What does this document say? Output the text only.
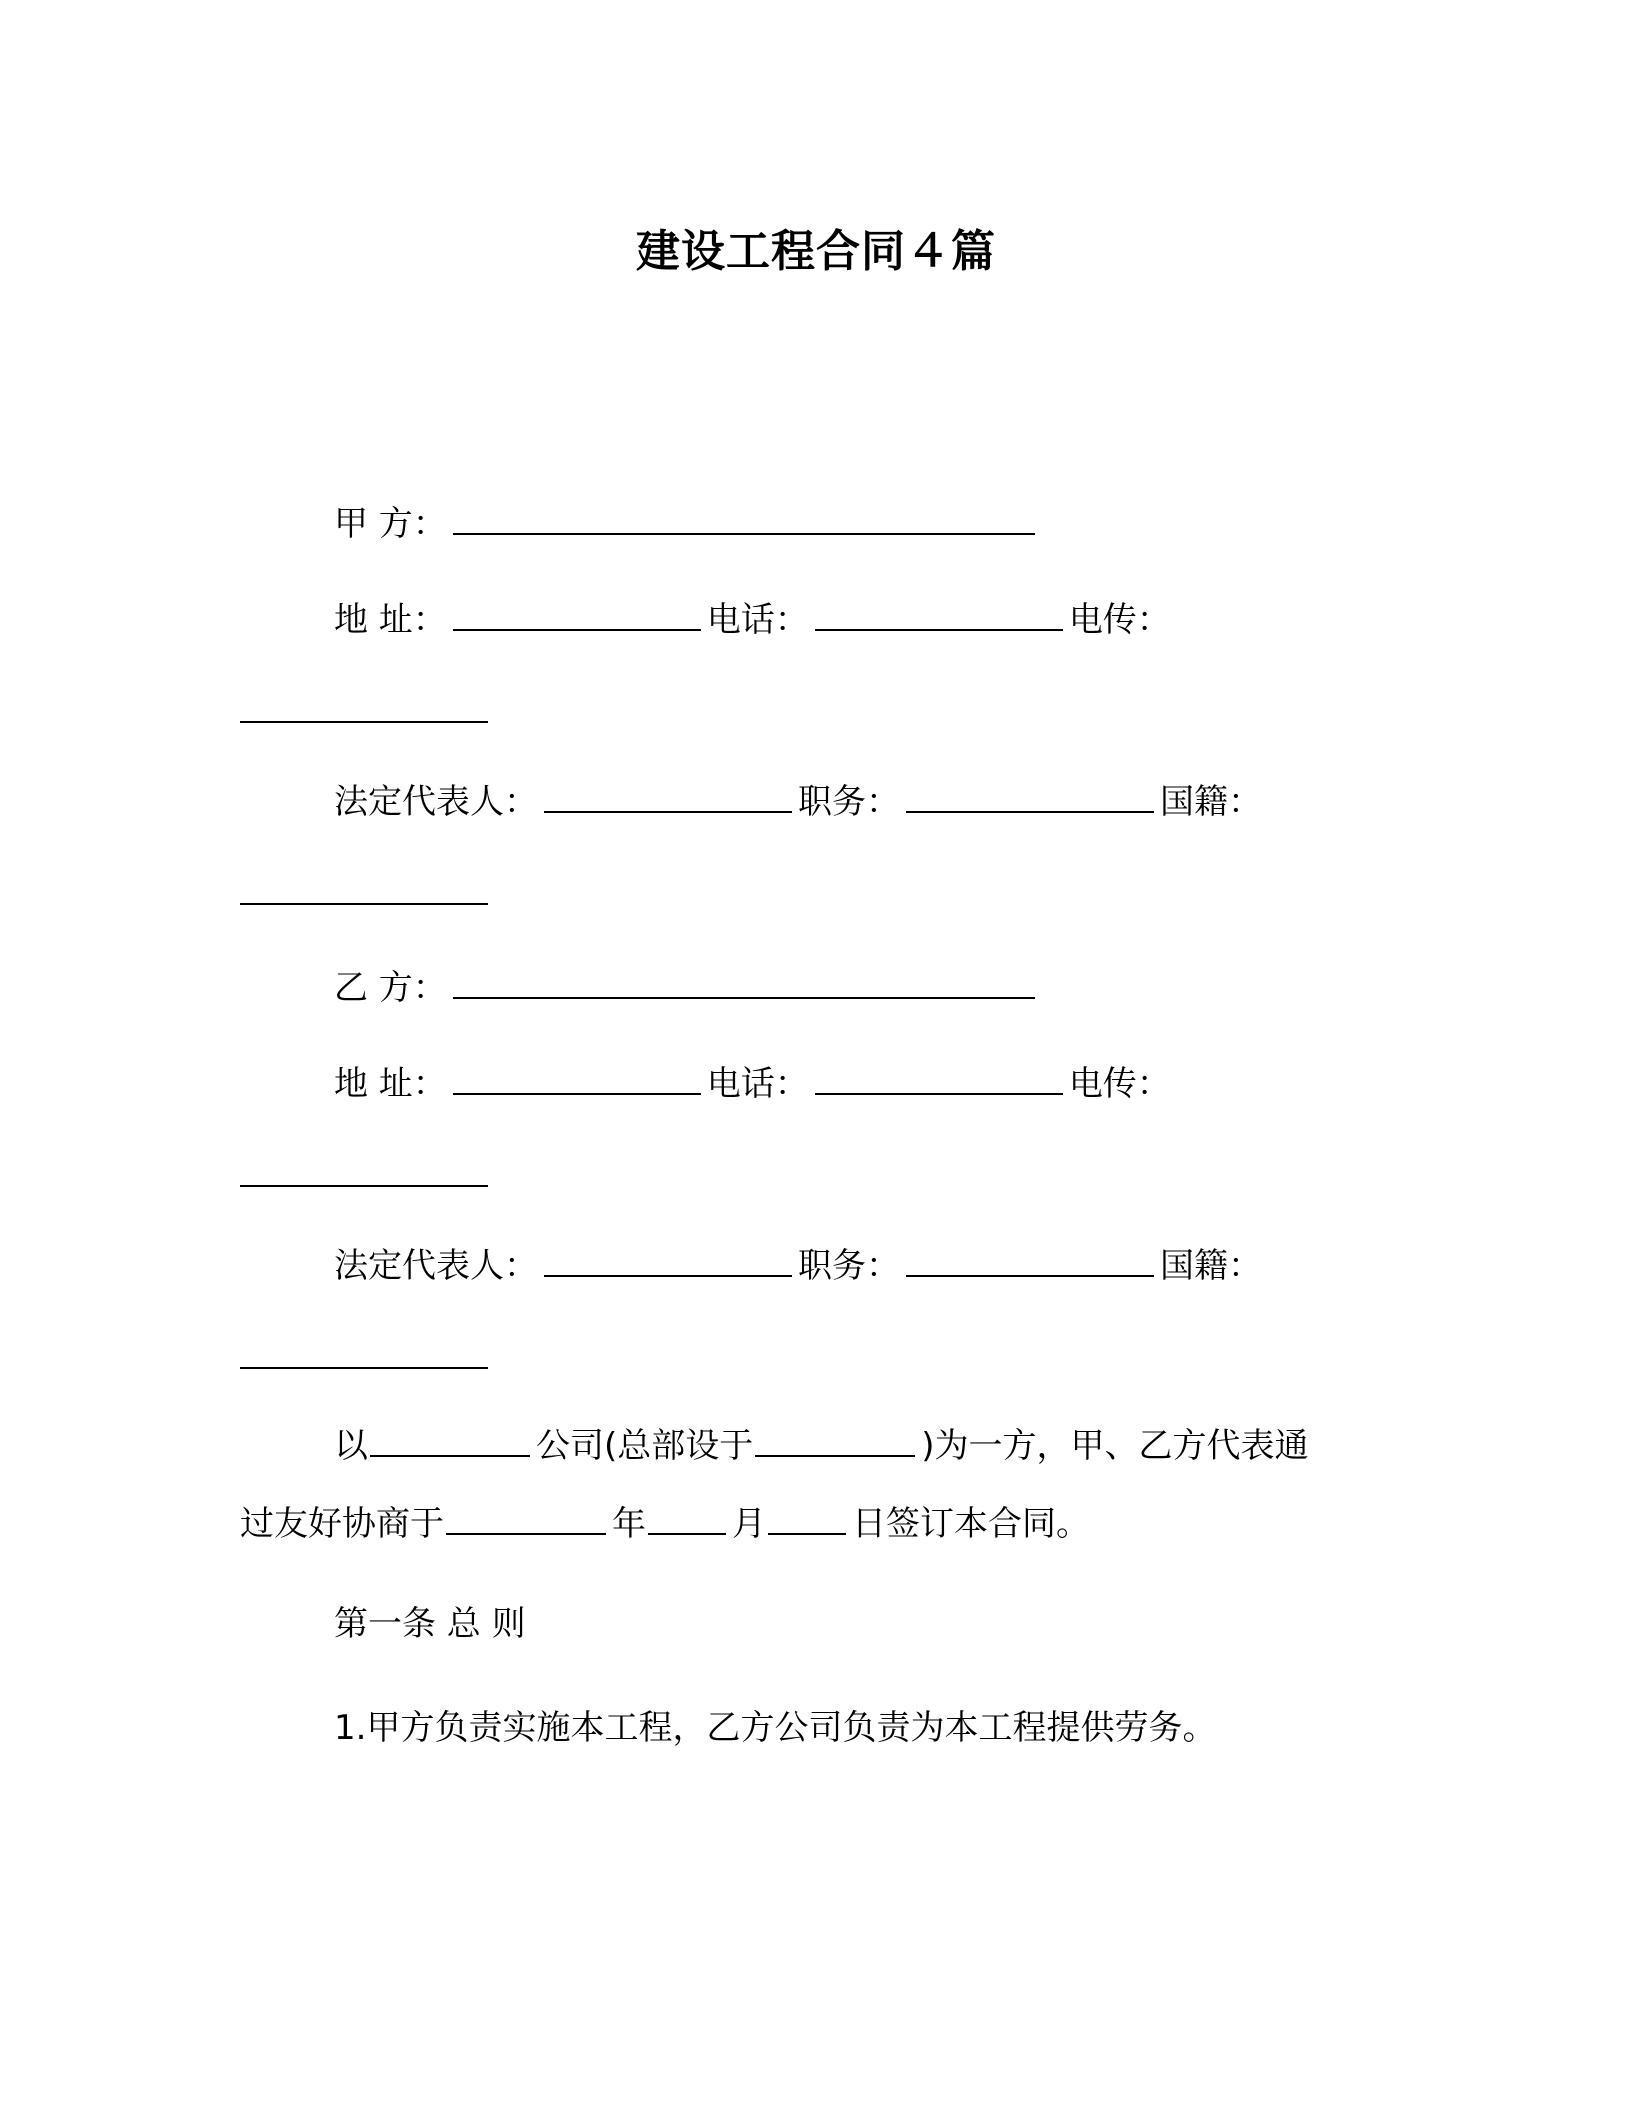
建设工程合同４篇
甲 方：
地 址：	电话：	电传：
法定代表人：	职务：	国籍：
乙 方：
地 址：	电话：	电传：
法定代表人：	职务：	国籍：
以	公司(总部设于	)为一方，甲、乙方代表通
过友好协商于	年	月	日签订本合同。
第一条 总 则
1.甲方负责实施本工程，乙方公司负责为本工程提供劳务。
